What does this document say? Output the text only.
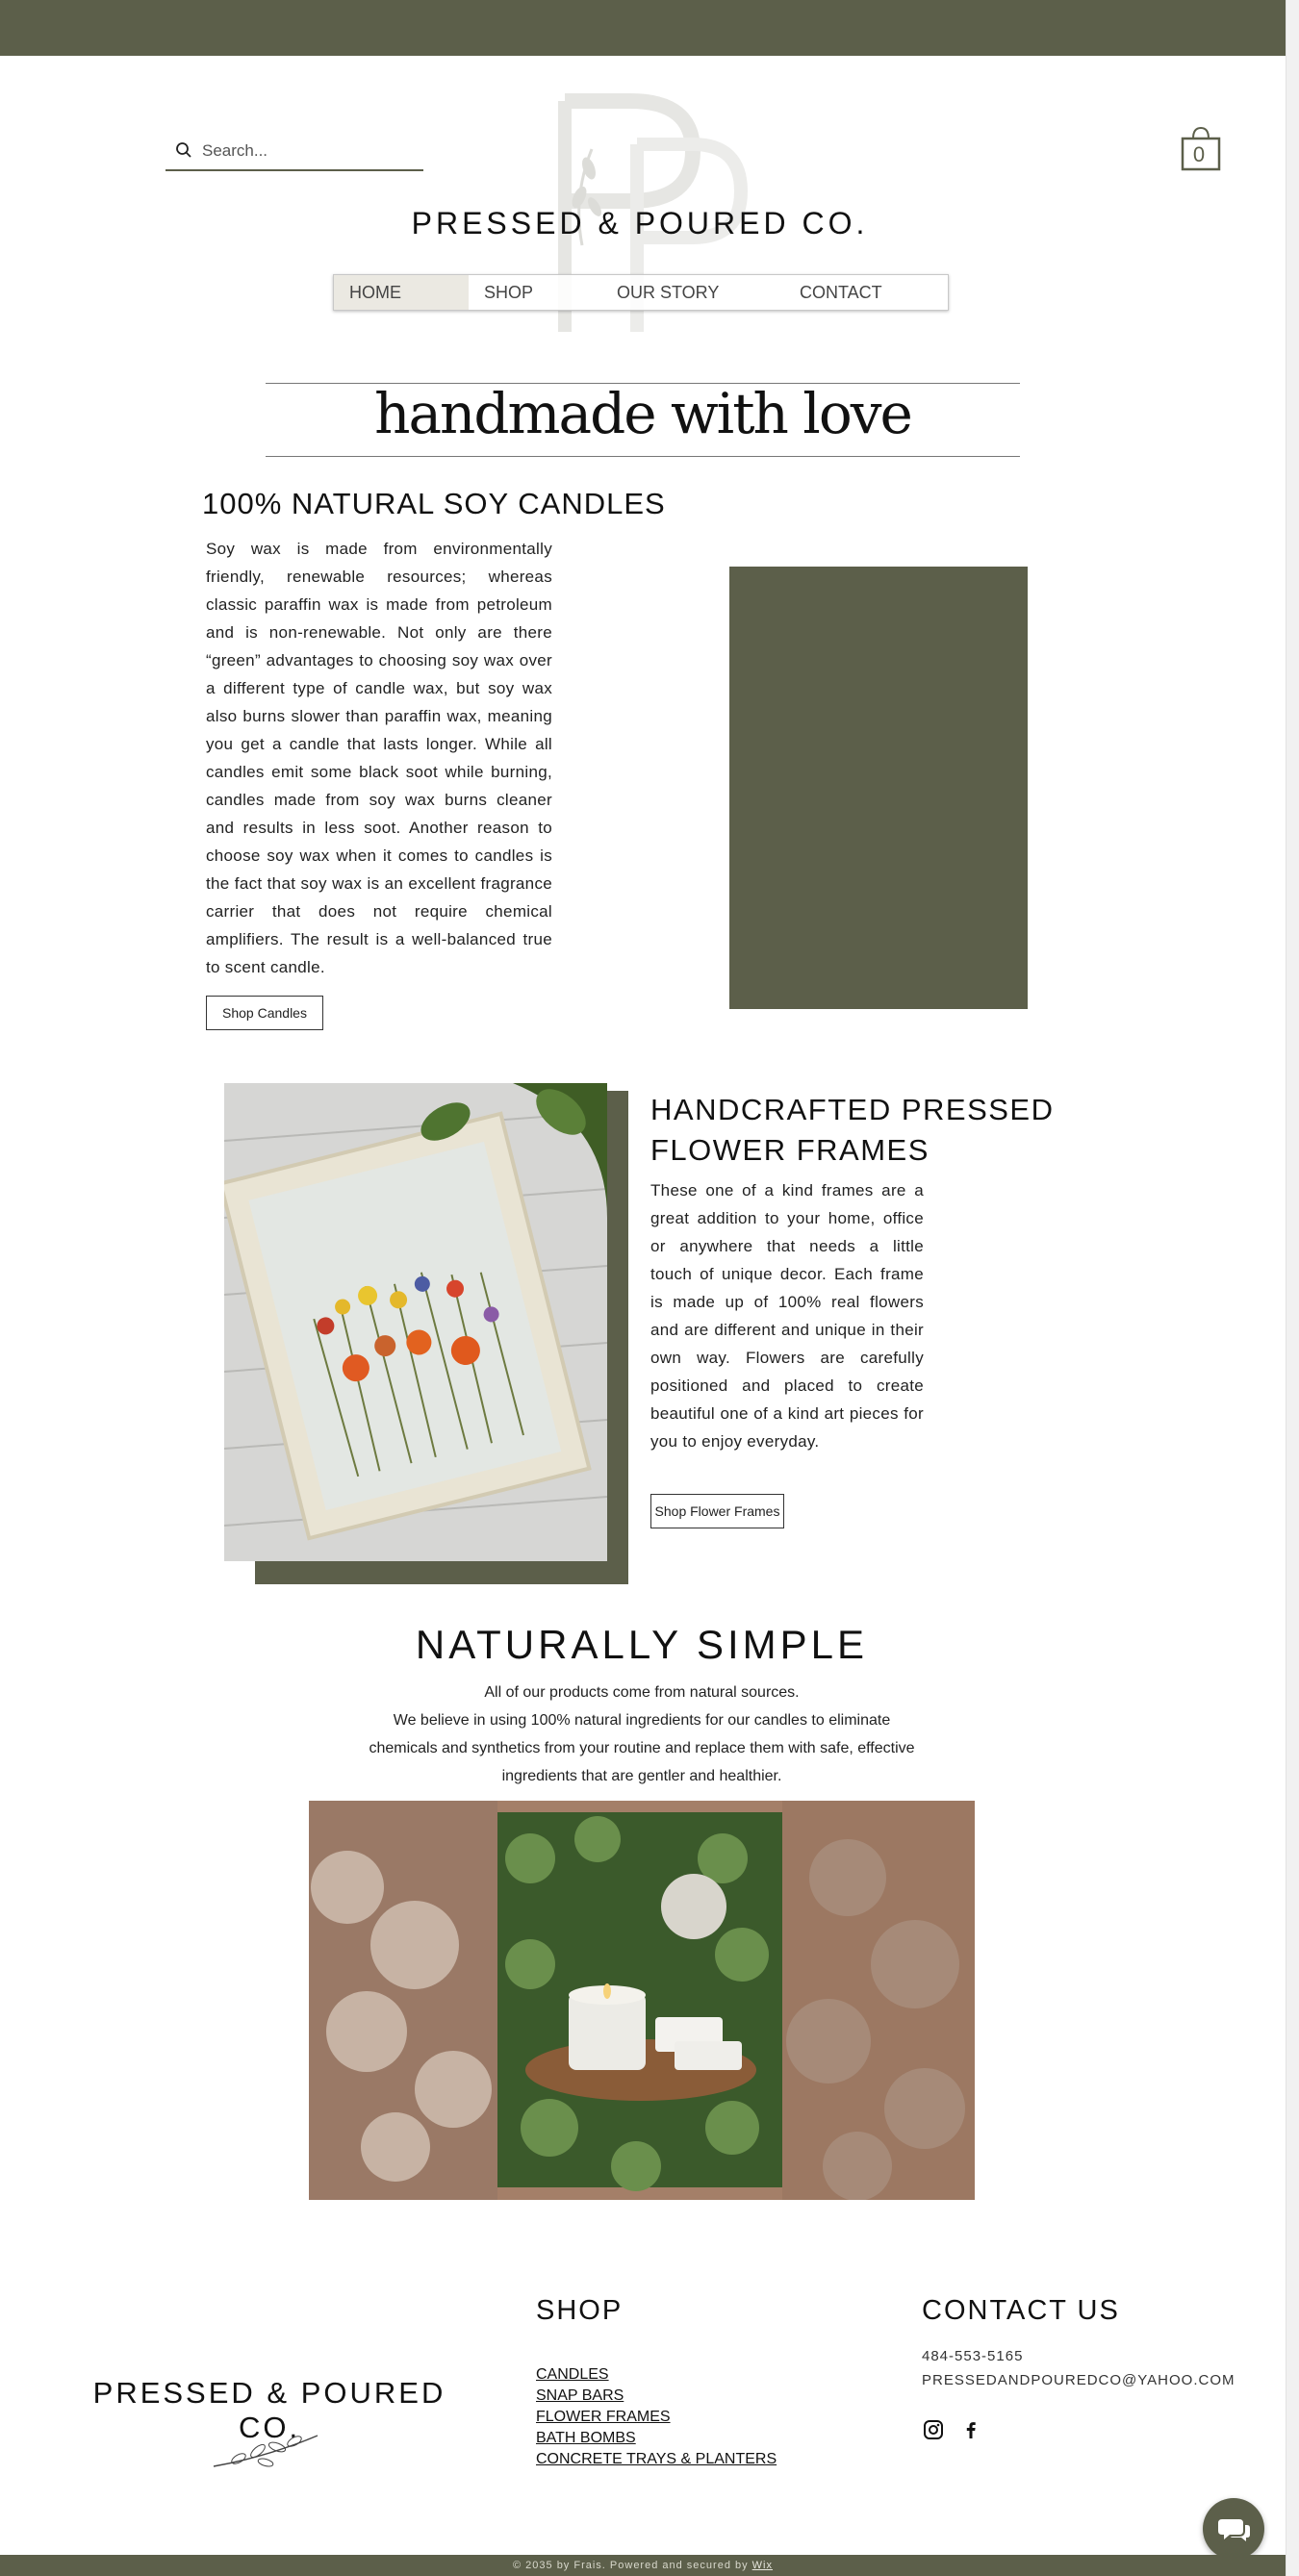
Search...
0
PRESSED & POURED CO.
HOME	SHOP	OUR STORY	CONTACT
handmade with love
100% NATURAL SOY CANDLES

Soy wax is made from environmentally friendly, renewable resources; whereas classic paraffin wax is made from petroleum and is non-renewable. Not only are there “green” advantages to choosing soy wax over a different type of candle wax, but soy wax also burns slower than paraffin wax, meaning you get a candle that lasts longer. While all candles emit some black soot while burning, candles made from soy wax burns cleaner and results in less soot. Another reason to choose soy wax when it comes to candles is the fact that soy wax is an excellent fragrance carrier that does not require chemical amplifiers. The result is a well-balanced true to scent candle.

Shop Candles
HANDCRAFTED PRESSED FLOWER FRAMES

These one of a kind frames are a great addition to your home, office or anywhere that needs a little touch of unique decor. Each frame is made up of 100% real flowers and are different and unique in their own way. Flowers are carefully positioned and placed to create beautiful one of a kind art pieces for you to enjoy everyday.

Shop Flower Frames
NATURALLY SIMPLE
All of our products come from natural sources.
We believe in using 100% natural ingredients for our candles to eliminate chemicals and synthetics from your routine and replace them with safe, effective ingredients that are gentler and healthier.
PRESSED & POURED CO.
SHOP
CANDLES
SNAP BARS
FLOWER FRAMES
BATH BOMBS
CONCRETE TRAYS & PLANTERS
CONTACT US
484-553-5165
PRESSEDANDPOUREDCO@YAHOO.COM
© 2035 by Frais. Powered and secured by Wix
